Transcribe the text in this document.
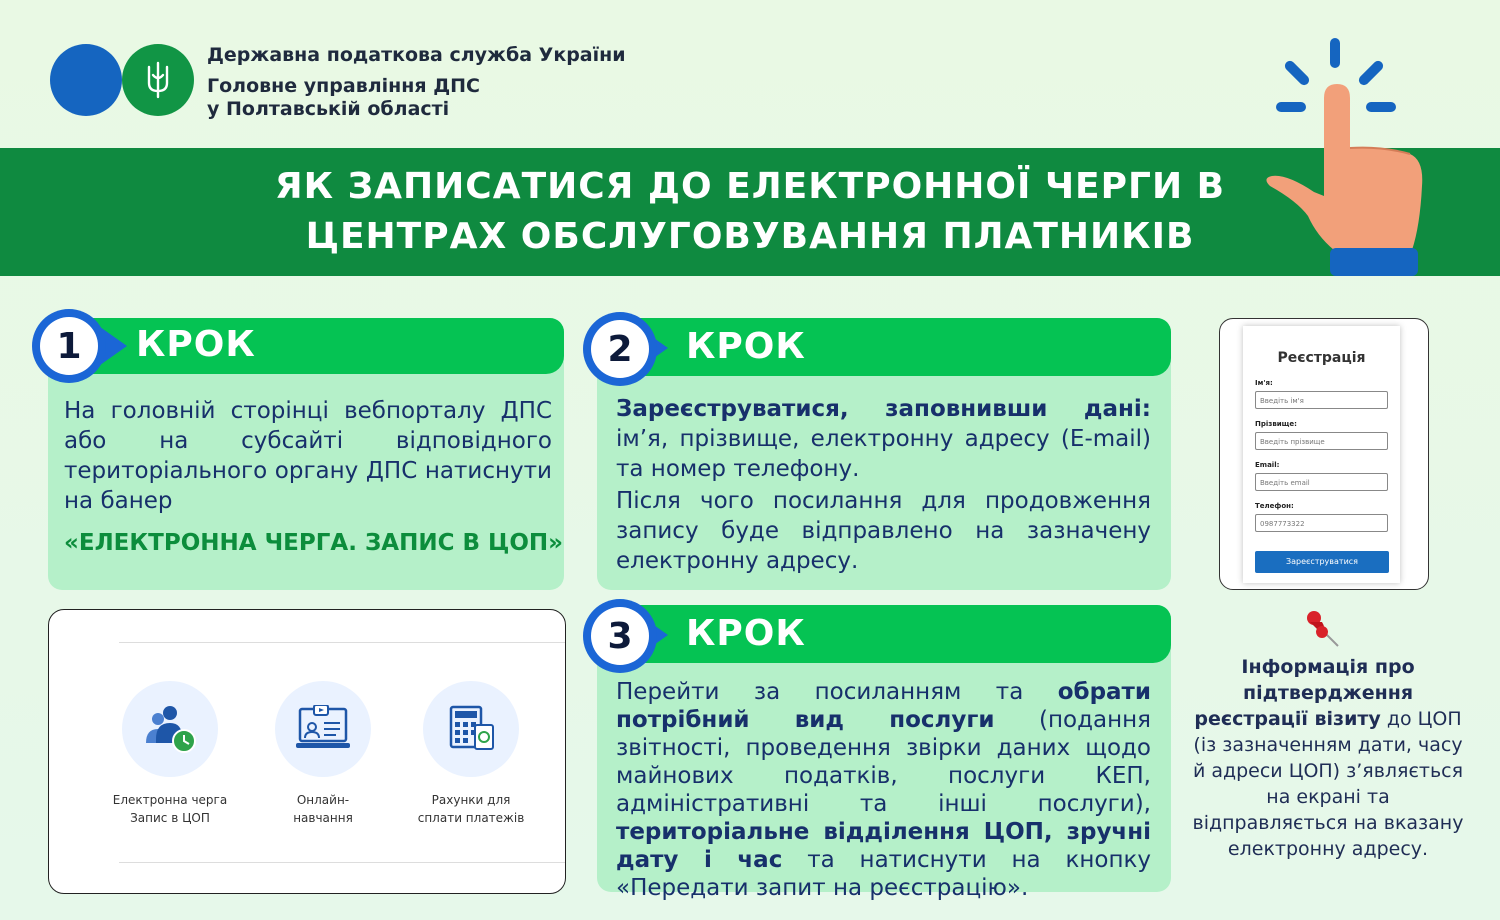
Державна податкова служба України
Головне управління ДПС
у Полтавській області
ЯК ЗАПИСАТИСЯ ДО ЕЛЕКТРОННОЇ ЧЕРГИ В
ЦЕНТРАХ ОБСЛУГОВУВАННЯ ПЛАТНИКІВ
1	КРОК
На головній сторінці вебпорталу ДПС або на субсайті відповідного територіального органу ДПС натиснути на банер
«ЕЛЕКТРОННА ЧЕРГА. ЗАПИС В ЦОП»
Електронна черга
Запис в ЦОП
Онлайн-
навчання
Рахунки для
сплати платежів
2	КРОК
Зареєструватися, заповнивши дані: ім’я, прізвище, електронну адресу (E-mail) та номер телефону.
Після чого посилання для продовження запису буде відправлено на зазначену електронну адресу.
3	КРОК
Перейти за посиланням та обрати потрібний вид послуги (подання звітності, проведення звірки даних щодо майнових податків, послуги КЕП, адміністративні та інші послуги), територіальне відділення ЦОП, зручні дату і час та натиснути на кнопку «Передати запит на реєстрацію».
Реєстрація
Ім'я:
Введіть ім'я
Прізвище:
Введіть прізвище
Email:
Введіть email
Телефон:
0987773322
Зареєструватися
Інформація про підтвердження реєстрації візиту до ЦОП (із зазначенням дати, часу й адреси ЦОП) з’являється на екрані та відправляється на вказану електронну адресу.
